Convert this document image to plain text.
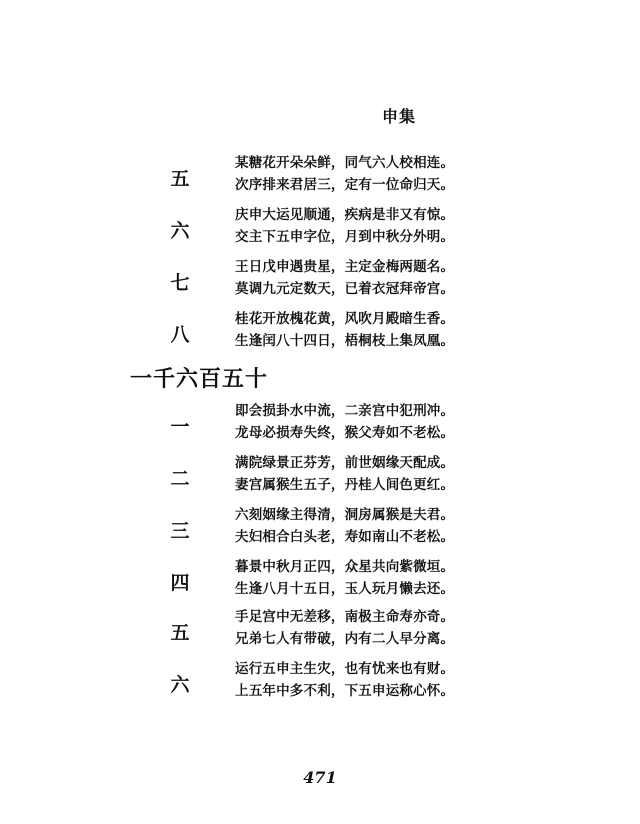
申集
五
某糖花开朵朵鲜，同气六人校相连。
次序排来君居三，定有一位命归天。
六
庆申大运见顺通，疾病是非又有惊。
交主下五申字位，月到中秋分外明。
七
王日戊申遇贵星，主定金梅两题名。
莫调九元定数天，已着衣冠拜帝宫。
八
桂花开放槐花黄，风吹月殿暗生香。
生逢闰八十四日，梧桐枝上集凤凰。
一千六百五十
一
即会损卦水中流，二亲宫中犯刑冲。
龙母必损寿失终，猴父寿如不老松。
二
满院绿景正芬芳，前世姻缘天配成。
妻宫属猴生五子，丹桂人间色更红。
三
六刻姻缘主得清，洞房属猴是夫君。
夫妇相合白头老，寿如南山不老松。
四
暮景中秋月正四，众星共向紫微垣。
生逢八月十五日，玉人玩月懒去还。
五
手足宫中无差移，南极主命寿亦奇。
兄弟七人有带破，内有二人早分离。
六
运行五申主生灾，也有忧来也有财。
上五年中多不利，下五申运称心怀。
471
